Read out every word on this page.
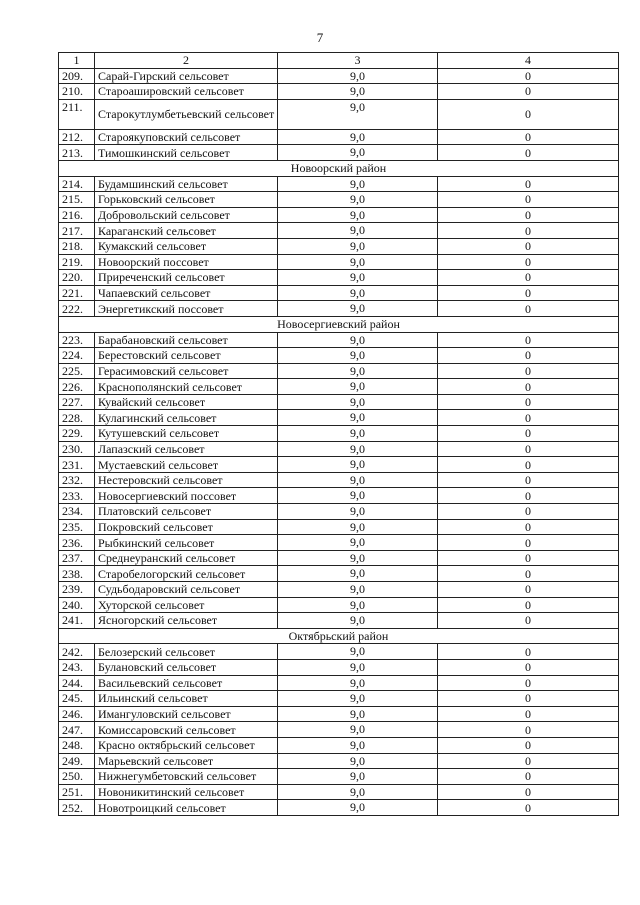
7
1	2	3	4
209.	Сарай-Гирский сельсовет	9,0	0
210.	Староашировский сельсовет	9,0	0
211.	Старокутлумбетьевский сельсовет	9,0	0
212.	Староякуповский сельсовет	9,0	0
213.	Тимошкинский сельсовет	9,0	0
Новоорский район			
214.	Будамшинский сельсовет	9,0	0
215.	Горьковский сельсовет	9,0	0
216.	Добровольский сельсовет	9,0	0
217.	Караганский сельсовет	9,0	0
218.	Кумакский сельсовет	9,0	0
219.	Новоорский поссовет	9,0	0
220.	Приреченский сельсовет	9,0	0
221.	Чапаевский сельсовет	9,0	0
222.	Энергетикский поссовет	9,0	0
Новосергиевский район			
223.	Барабановский сельсовет	9,0	0
224.	Берестовский сельсовет	9,0	0
225.	Герасимовский сельсовет	9,0	0
226.	Краснополянский сельсовет	9,0	0
227.	Кувайский сельсовет	9,0	0
228.	Кулагинский сельсовет	9,0	0
229.	Кутушевский сельсовет	9,0	0
230.	Лапазский сельсовет	9,0	0
231.	Мустаевский сельсовет	9,0	0
232.	Нестеровский сельсовет	9,0	0
233.	Новосергиевский поссовет	9,0	0
234.	Платовский сельсовет	9,0	0
235.	Покровский сельсовет	9,0	0
236.	Рыбкинский сельсовет	9,0	0
237.	Среднеуранский сельсовет	9,0	0
238.	Старобелогорский сельсовет	9,0	0
239.	Судьбодаровский сельсовет	9,0	0
240.	Хуторской сельсовет	9,0	0
241.	Ясногорский сельсовет	9,0	0
Октябрьский район			
242.	Белозерский сельсовет	9,0	0
243.	Булановский сельсовет	9,0	0
244.	Васильевский сельсовет	9,0	0
245.	Ильинский сельсовет	9,0	0
246.	Имангуловский сельсовет	9,0	0
247.	Комиссаровский сельсовет	9,0	0
248.	Красно октябрьский сельсовет	9,0	0
249.	Марьевский сельсовет	9,0	0
250.	Нижнегумбетовский сельсовет	9,0	0
251.	Новоникитинский сельсовет	9,0	0
252.	Новотроицкий сельсовет	9,0	0
